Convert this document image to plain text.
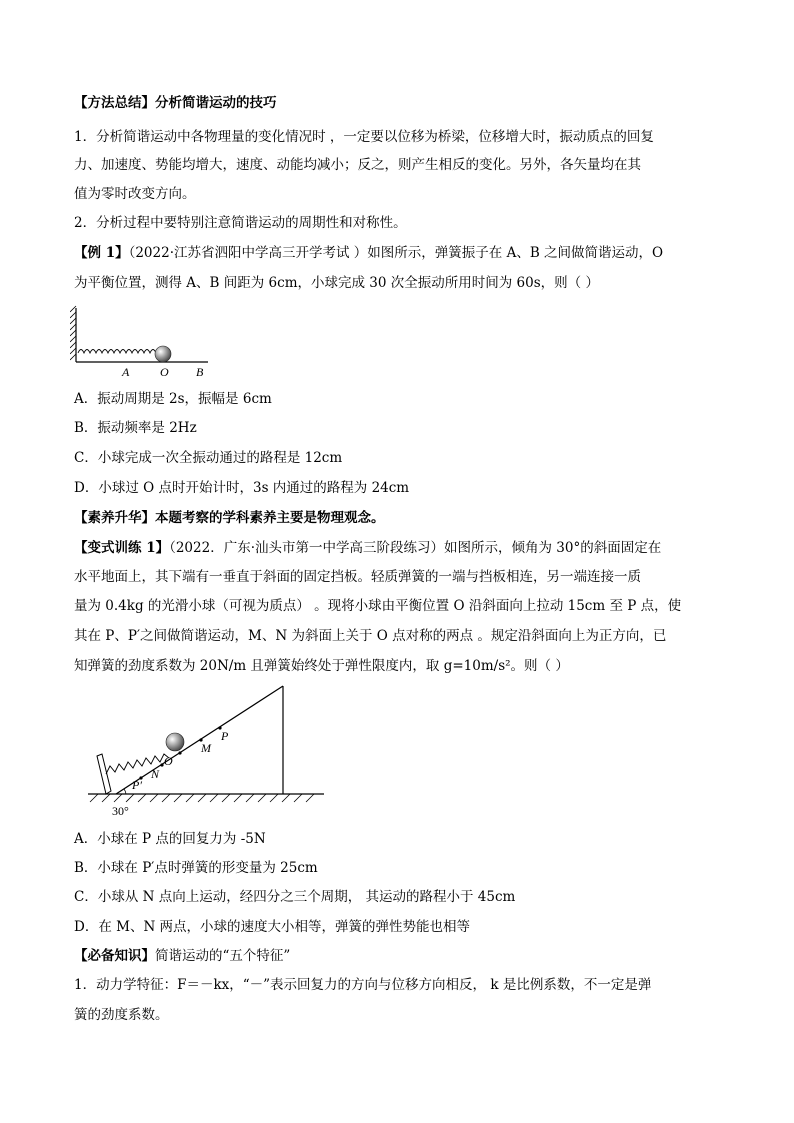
【方法总结】分析简谐运动的技巧
1．分析简谐运动中各物理量的变化情况时 ，一定要以位移为桥梁，位移增大时，振动质点的回复
力、加速度、势能均增大，速度、动能均减小；反之，则产生相反的变化。另外，各矢量均在其
值为零时改变方向。
2．分析过程中要特别注意简谐运动的周期性和对称性。
【例 1】（2022·江苏省泗阳中学高三开学考试 ）如图所示，弹簧振子在 A、B 之间做简谐运动，O
为平衡位置，测得 A、B 间距为 6cm，小球完成 30 次全振动所用时间为 60s，则（ ）
A	O B
A．振动周期是 2s，振幅是 6cm
B．振动频率是 2Hz
C．小球完成一次全振动通过的路程是 12cm
D．小球过 O 点时开始计时，3s 内通过的路程为 24cm
【素养升华】本题考察的学科素养主要是物理观念。
【变式训练 1】（2022．广东·汕头市第一中学高三阶段练习）如图所示，倾角为 30°的斜面固定在
水平地面上，其下端有一垂直于斜面的固定挡板。轻质弹簧的一端与挡板相连，另一端连接一质
量为 0.4kg 的光滑小球（可视为质点） 。现将小球由平衡位置 O 沿斜面向上拉动 15cm 至 P 点，使
其在 P、P′之间做简谐运动，M、N 为斜面上关于 O 点对称的两点 。规定沿斜面向上为正方向，已
知弹簧的劲度系数为 20N/m 且弹簧始终处于弹性限度内，取 g=10m/s²。则（ ）
P
M
O
N
P′
30°
A．小球在 P 点的回复力为 -5N
B．小球在 P′点时弹簧的形变量为 25cm
C．小球从 N 点向上运动，经四分之三个周期， 其运动的路程小于 45cm
D．在 M、N 两点，小球的速度大小相等，弹簧的弹性势能也相等
【必备知识】简谐运动的“五个特征”
1．动力学特征：F＝－kx，“－”表示回复力的方向与位移方向相反， k 是比例系数，不一定是弹
簧的劲度系数。
